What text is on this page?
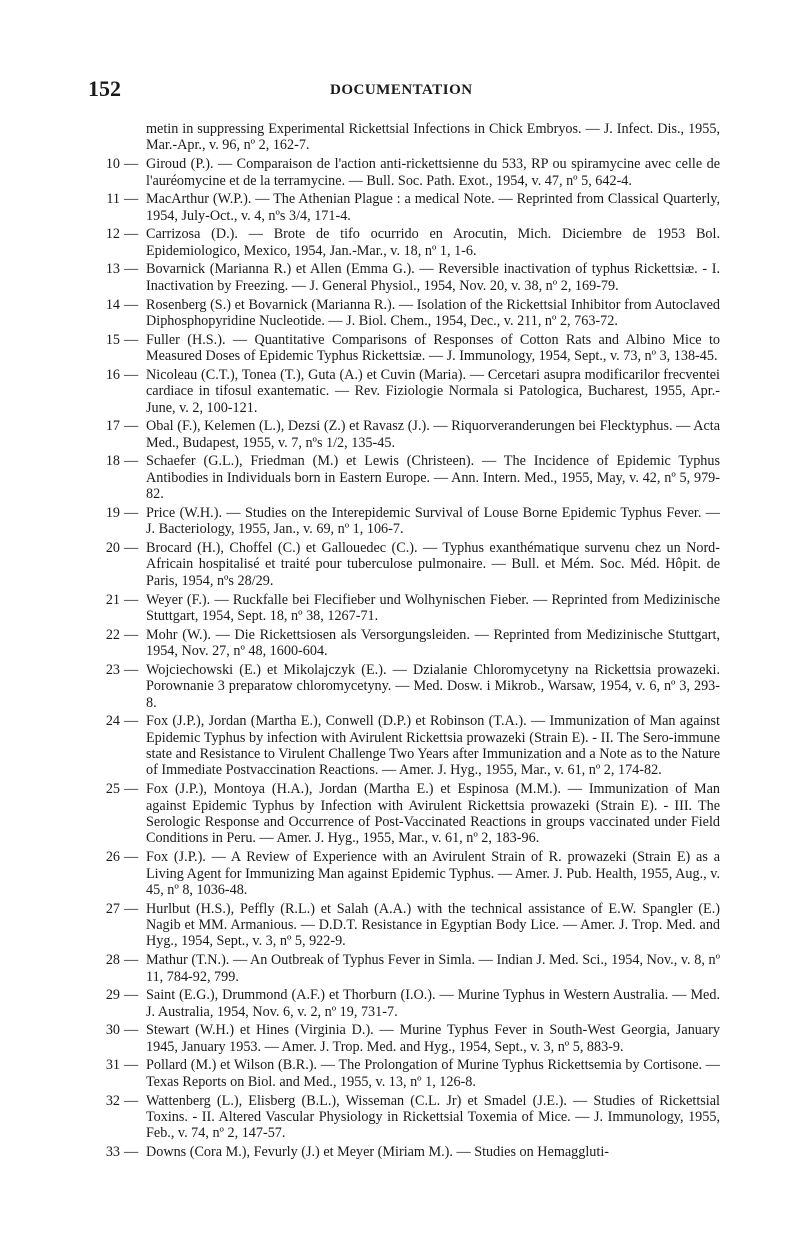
152	DOCUMENTATION
metin in suppressing Experimental Rickettsial Infections in Chick Embryos. — J. Infect. Dis., 1955, Mar.-Apr., v. 96, nº 2, 162-7.
10 — Giroud (P.). — Comparaison de l'action anti-rickettsienne du 533, RP ou spiramycine avec celle de l'auréomycine et de la terramycine. — Bull. Soc. Path. Exot., 1954, v. 47, nº 5, 642-4.
11 — MacArthur (W.P.). — The Athenian Plague : a medical Note. — Reprinted from Classical Quarterly, 1954, July-Oct., v. 4, nºs 3/4, 171-4.
12 — Carrizosa (D.). — Brote de tifo ocurrido en Arocutin, Mich. Diciembre de 1953 Bol. Epidemiologico, Mexico, 1954, Jan.-Mar., v. 18, nº 1, 1-6.
13 — Bovarnick (Marianna R.) et Allen (Emma G.). — Reversible inactivation of typhus Rickettsiæ. - I. Inactivation by Freezing. — J. General Physiol., 1954, Nov. 20, v. 38, nº 2, 169-79.
14 — Rosenberg (S.) et Bovarnick (Marianna R.). — Isolation of the Rickettsial Inhibitor from Autoclaved Diphosphopyridine Nucleotide. — J. Biol. Chem., 1954, Dec., v. 211, nº 2, 763-72.
15 — Fuller (H.S.). — Quantitative Comparisons of Responses of Cotton Rats and Albino Mice to Measured Doses of Epidemic Typhus Rickettsiæ. — J. Immunology, 1954, Sept., v. 73, nº 3, 138-45.
16 — Nicoleau (C.T.), Tonea (T.), Guta (A.) et Cuvin (Maria). — Cercetari asupra modificarilor frecventei cardiace in tifosul exantematic. — Rev. Fiziologie Normala si Patologica, Bucharest, 1955, Apr.-June, v. 2, 100-121.
17 — Obal (F.), Kelemen (L.), Dezsi (Z.) et Ravasz (J.). — Riquorveranderungen bei Flecktyphus. — Acta Med., Budapest, 1955, v. 7, nºs 1/2, 135-45.
18 — Schaefer (G.L.), Friedman (M.) et Lewis (Christeen). — The Incidence of Epidemic Typhus Antibodies in Individuals born in Eastern Europe. — Ann. Intern. Med., 1955, May, v. 42, nº 5, 979-82.
19 — Price (W.H.). — Studies on the Interepidemic Survival of Louse Borne Epidemic Typhus Fever. — J. Bacteriology, 1955, Jan., v. 69, nº 1, 106-7.
20 — Brocard (H.), Choffel (C.) et Gallouedec (C.). — Typhus exanthématique survenu chez un Nord-Africain hospitalisé et traité pour tuberculose pulmonaire. — Bull. et Mém. Soc. Méd. Hôpit. de Paris, 1954, nºs 28/29.
21 — Weyer (F.). — Ruckfalle bei Flecifieber und Wolhynischen Fieber. — Reprinted from Medizinische Stuttgart, 1954, Sept. 18, nº 38, 1267-71.
22 — Mohr (W.). — Die Rickettsiosen als Versorgungsleiden. — Reprinted from Medizinische Stuttgart, 1954, Nov. 27, nº 48, 1600-604.
23 — Wojciechowski (E.) et Mikolajczyk (E.). — Dzialanie Chloromycetyny na Rickettsia prowazeki. Porownanie 3 preparatow chloromycetyny. — Med. Dosw. i Mikrob., Warsaw, 1954, v. 6, nº 3, 293-8.
24 — Fox (J.P.), Jordan (Martha E.), Conwell (D.P.) et Robinson (T.A.). — Immunization of Man against Epidemic Typhus by infection with Avirulent Rickettsia prowazeki (Strain E). - II. The Sero-immune state and Resistance to Virulent Challenge Two Years after Immunization and a Note as to the Nature of Immediate Postvaccination Reactions. — Amer. J. Hyg., 1955, Mar., v. 61, nº 2, 174-82.
25 — Fox (J.P.), Montoya (H.A.), Jordan (Martha E.) et Espinosa (M.M.). — Immunization of Man against Epidemic Typhus by Infection with Avirulent Rickettsia prowazeki (Strain E). - III. The Serologic Response and Occurrence of Post-Vaccinated Reactions in groups vaccinated under Field Conditions in Peru. — Amer. J. Hyg., 1955, Mar., v. 61, nº 2, 183-96.
26 — Fox (J.P.). — A Review of Experience with an Avirulent Strain of R. prowazeki (Strain E) as a Living Agent for Immunizing Man against Epidemic Typhus. — Amer. J. Pub. Health, 1955, Aug., v. 45, nº 8, 1036-48.
27 — Hurlbut (H.S.), Peffly (R.L.) et Salah (A.A.) with the technical assistance of E.W. Spangler (E.) Nagib et MM. Armanious. — D.D.T. Resistance in Egyptian Body Lice. — Amer. J. Trop. Med. and Hyg., 1954, Sept., v. 3, nº 5, 922-9.
28 — Mathur (T.N.). — An Outbreak of Typhus Fever in Simla. — Indian J. Med. Sci., 1954, Nov., v. 8, nº 11, 784-92, 799.
29 — Saint (E.G.), Drummond (A.F.) et Thorburn (I.O.). — Murine Typhus in Western Australia. — Med. J. Australia, 1954, Nov. 6, v. 2, nº 19, 731-7.
30 — Stewart (W.H.) et Hines (Virginia D.). — Murine Typhus Fever in South-West Georgia, January 1945, January 1953. — Amer. J. Trop. Med. and Hyg., 1954, Sept., v. 3, nº 5, 883-9.
31 — Pollard (M.) et Wilson (B.R.). — The Prolongation of Murine Typhus Rickettsemia by Cortisone. — Texas Reports on Biol. and Med., 1955, v. 13, nº 1, 126-8.
32 — Wattenberg (L.), Elisberg (B.L.), Wisseman (C.L. Jr) et Smadel (J.E.). — Studies of Rickettsial Toxins. - II. Altered Vascular Physiology in Rickettsial Toxemia of Mice. — J. Immunology, 1955, Feb., v. 74, nº 2, 147-57.
33 — Downs (Cora M.), Fevurly (J.) et Meyer (Miriam M.). — Studies on Hemaggluti-
